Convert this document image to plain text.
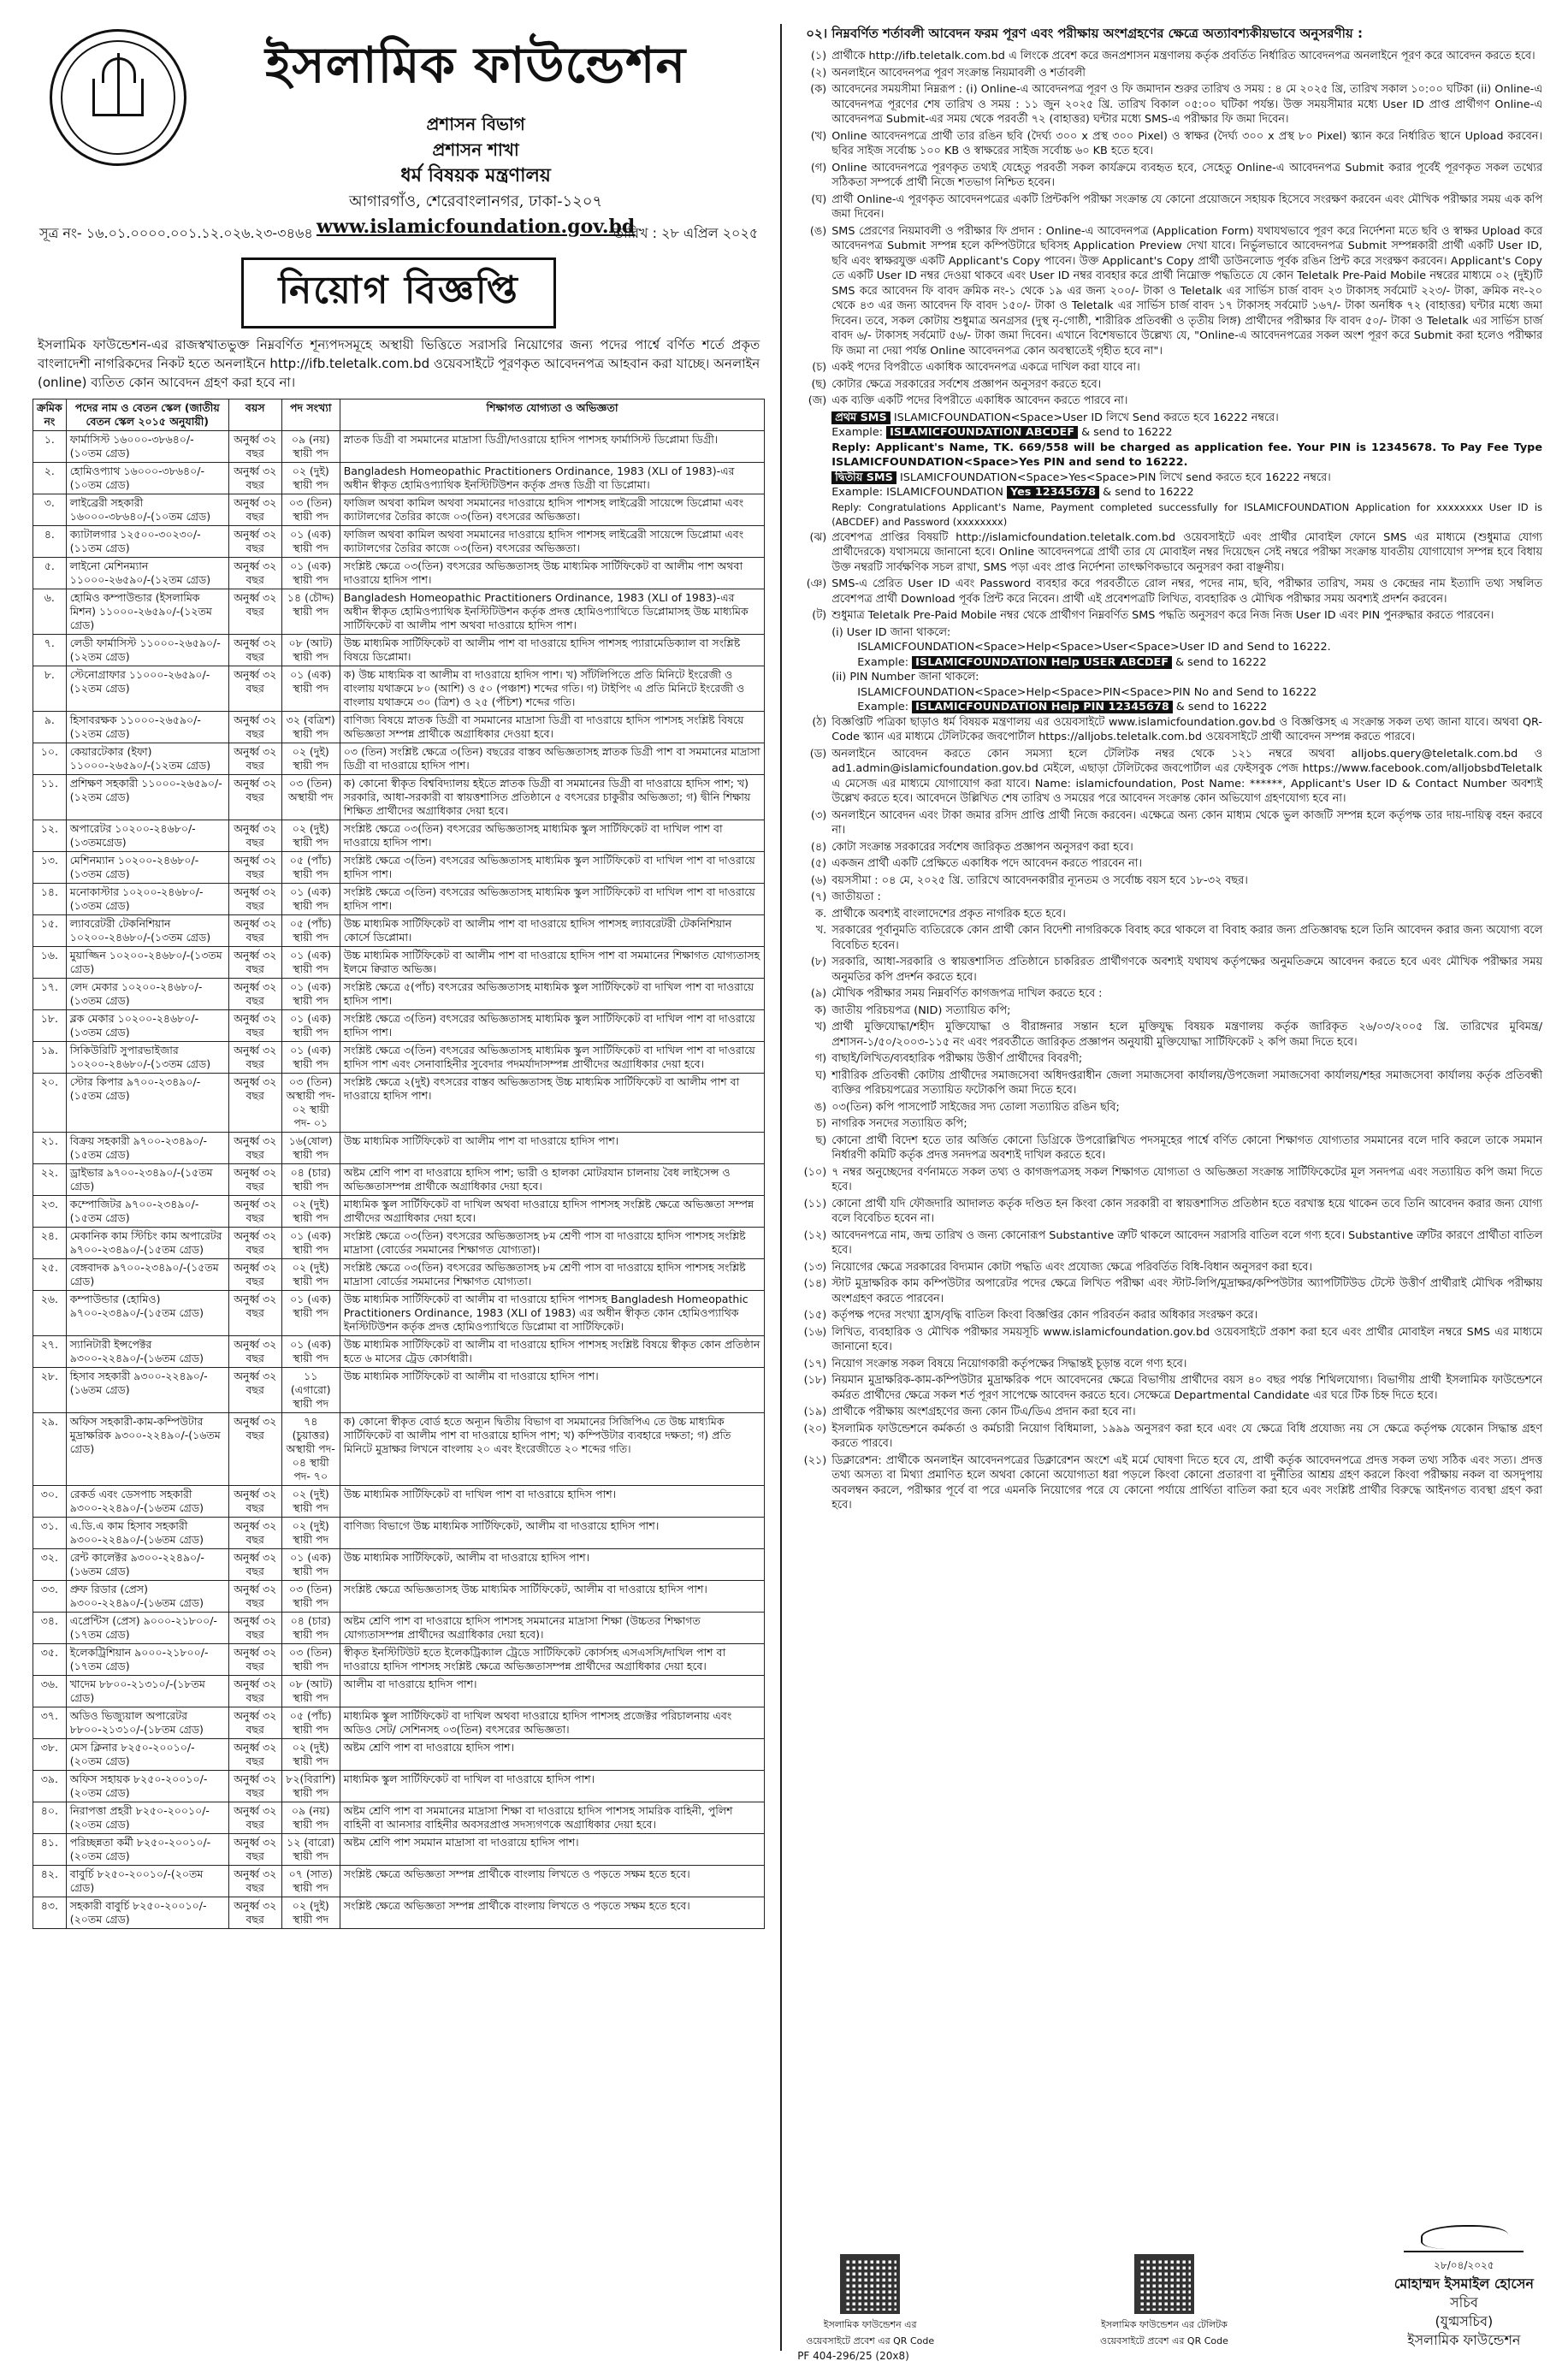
ইসলামিক ফাউন্ডেশন
প্রশাসন বিভাগ
প্রশাসন শাখা
ধর্ম বিষয়ক মন্ত্রণালয়
আগারগাঁও, শেরেবাংলানগর, ঢাকা-১২০৭
www.islamicfoundation.gov.bd
সূত্র নং- ১৬.০১.০০০০.০০১.১২.০২৬.২৩-৩৪৬৪	তারিখ : ২৮ এপ্রিল ২০২৫
নিয়োগ বিজ্ঞপ্তি

ইসলামিক ফাউন্ডেশন-এর রাজস্বখাতভুক্ত নিম্নবর্ণিত শূন্যপদসমূহে অস্থায়ী ভিত্তিতে সরাসরি নিয়োগের জন্য পদের পার্শ্বে বর্ণিত শর্তে প্রকৃত বাংলাদেশী নাগরিকদের নিকট হতে অনলাইনে http://ifb.teletalk.com.bd ওয়েবসাইটে পূরণকৃত আবেদনপত্র আহবান করা যাচ্ছে। অনলাইন (online) ব্যতিত কোন আবেদন গ্রহণ করা হবে না।

ক্রমিক নং	পদের নাম ও বেতন স্কেল (জাতীয় বেতন স্কেল ২০১৫ অনুযায়ী)	বয়স	পদ সংখ্যা	শিক্ষাগত যোগ্যতা ও অভিজ্ঞতা
১.	ফার্মাসিস্ট ১৬০০০-৩৮৬৪০/-(১০তম গ্রেড)	অনুর্ধ্ব ৩২ বছর	০৯ (নয়) স্থায়ী পদ	স্নাতক ডিগ্রী বা সমমানের মাদ্রাসা ডিগ্রী/দাওরায়ে হাদিস পাশসহ ফার্মাসিস্ট ডিপ্লোমা ডিগ্রী।
২.	হোমিওপ্যাথ ১৬০০০-৩৮৬৪০/-(১০তম গ্রেড)	অনুর্ধ্ব ৩২ বছর	০২ (দুই) স্থায়ী পদ	Bangladesh Homeopathic Practitioners Ordinance, 1983 (XLI of 1983)-এর অধীন স্বীকৃত হোমিওপ্যাথিক ইনস্টিটিউশন কর্তৃক প্রদত্ত ডিগ্রী বা ডিপ্লোমা।
৩.	লাইব্রেরী সহকারী ১৬০০০-৩৮৬৪০/-(১০তম গ্রেড)	অনুর্ধ্ব ৩২ বছর	০৩ (তিন) স্থায়ী পদ	ফাজিল অথবা কামিল অথবা সমমানের দাওরায়ে হাদিস পাশসহ লাইব্রেরী সায়েন্সে ডিপ্লোমা এবং ক্যাটালগের তৈরির কাজে ০৩(তিন) বৎসরের অভিজ্ঞতা।
৪.	ক্যাটালগার ১২৫০০-৩০২৩০/-(১১তম গ্রেড)	অনুর্ধ্ব ৩২ বছর	০১ (এক) স্থায়ী পদ	ফাজিল অথবা কামিল অথবা সমমানের দাওরায়ে হাদিস পাশসহ লাইব্রেরী সায়েন্সে ডিপ্লোমা এবং ক্যাটালগের তৈরির কাজে ০৩(তিন) বৎসরের অভিজ্ঞতা।
৫.	লাইনো মেশিনম্যান ১১০০০-২৬৫৯০/-(১২তম গ্রেড)	অনুর্ধ্ব ৩২ বছর	০১ (এক) স্থায়ী পদ	সংশ্লিষ্ট ক্ষেত্রে ০৩(তিন) বৎসরের অভিজ্ঞতাসহ উচ্চ মাধ্যমিক সার্টিফিকেট বা আলীম পাশ অথবা দাওরায়ে হাদিস পাশ।
৬.	হোমিও কম্পাউন্ডার (ইসলামিক মিশন) ১১০০০-২৬৫৯০/-(১২তম গ্রেড)	অনুর্ধ্ব ৩২ বছর	১৪ (চৌদ্দ) স্থায়ী পদ	Bangladesh Homeopathic Practitioners Ordinance, 1983 (XLI of 1983)-এর অধীন স্বীকৃত হোমিওপ্যাথিক ইনস্টিটিউশন কর্তৃক প্রদত্ত হোমিওপ্যাথিতে ডিপ্লোমাসহ উচ্চ মাধ্যমিক সার্টিফিকেট বা আলীম পাশ অথবা দাওরায়ে হাদিস পাশ।
৭.	লেডী ফার্মাসিস্ট ১১০০০-২৬৫৯০/-(১২তম গ্রেড)	অনুর্ধ্ব ৩২ বছর	০৮ (আট) স্থায়ী পদ	উচ্চ মাধ্যমিক সার্টিফিকেট বা আলীম পাশ বা দাওরায়ে হাদিস পাশসহ প্যারামেডিক্যাল বা সংশ্লিষ্ট বিষয়ে ডিপ্লোমা।
৮.	স্টেনোগ্রাফার ১১০০০-২৬৫৯০/-(১২তম গ্রেড)	অনুর্ধ্ব ৩২ বছর	০১ (এক) স্থায়ী পদ	ক) উচ্চ মাধ্যমিক বা আলীম বা দাওরায়ে হাদিস পাশ। খ) সাঁটলিপিতে প্রতি মিনিটে ইংরেজী ও বাংলায় যথাক্রমে ৮০ (আশি) ও ৫০ (পঞ্চাশ) শব্দের গতি। গ) টাইপিং এ প্রতি মিনিটে ইংরেজী ও বাংলায় যথাক্রমে ৩০ (ত্রিশ) ও ২৫ (পঁচিশ) শব্দের গতি।
৯.	হিসাবরক্ষক ১১০০০-২৬৫৯০/-(১২তম গ্রেড)	অনুর্ধ্ব ৩২ বছর	৩২ (বত্রিশ) স্থায়ী পদ	বাণিজ্য বিষয়ে স্নাতক ডিগ্রী বা সমমানের মাদ্রাসা ডিগ্রী বা দাওরায়ে হাদিস পাশসহ সংশ্লিষ্ট বিষয়ে অভিজ্ঞতা সম্পন্ন প্রার্থীকে অগ্রাধিকার দেওয়া হবে।
১০.	কেয়ারটেকার (ইফা) ১১০০০-২৬৫৯০/-(১২তম গ্রেড)	অনুর্ধ্ব ৩২ বছর	০২ (দুই) স্থায়ী পদ	০৩ (তিন) সংশ্লিষ্ট ক্ষেত্রে ৩(তিন) বছরের বাস্তব অভিজ্ঞতাসহ স্নাতক ডিগ্রী পাশ বা সমমানের মাদ্রাসা ডিগ্রী বা দাওরায়ে হাদিস পাশ।
১১.	প্রশিক্ষণ সহকারী ১১০০০-২৬৫৯০/-(১২তম গ্রেড)	অনুর্ধ্ব ৩২ বছর	০৩ (তিন) অস্থায়ী পদ	ক) কোনো স্বীকৃত বিশ্ববিদ্যালয় হইতে স্নাতক ডিগ্রী বা সমমানের ডিগ্রী বা দাওরায়ে হাদিস পাশ; খ) সরকারি, আধা-সরকারী বা স্বায়ত্তশাসিত প্রতিষ্ঠানে ৫ বৎসরের চাকুরীর অভিজ্ঞতা; গ) দ্বীনি শিক্ষায় শিক্ষিত প্রার্থীদের অগ্রাধিকার দেয়া হবে।
১২.	অপারেটর ১০২০০-২৪৬৮০/-(১৩তমগ্রেড)	অনুর্ধ্ব ৩২ বছর	০২ (দুই) স্থায়ী পদ	সংশ্লিষ্ট ক্ষেত্রে ০৩(তিন) বৎসরের অভিজ্ঞতাসহ মাধ্যমিক স্কুল সার্টিফিকেট বা দাখিল পাশ বা দাওরায়ে হাদিস পাশ।
১৩.	মেশিনম্যান ১০২০০-২৪৬৮০/-(১৩তম গ্রেড)	অনুর্ধ্ব ৩২ বছর	০৫ (পাঁচ) স্থায়ী পদ	সংশ্লিষ্ট ক্ষেত্রে ৩(তিন) বৎসরের অভিজ্ঞতাসহ মাধ্যমিক স্কুল সার্টিফিকেট বা দাখিল পাশ বা দাওরায়ে হাদিস পাশ।
১৪.	মনোকাস্টার ১০২০০-২৪৬৮০/-(১৩তম গ্রেড)	অনুর্ধ্ব ৩২ বছর	০১ (এক) স্থায়ী পদ	সংশ্লিষ্ট ক্ষেত্রে ৩(তিন) বৎসরের অভিজ্ঞতাসহ মাধ্যমিক স্কুল সার্টিফিকেট বা দাখিল পাশ বা দাওরায়ে হাদিস পাশ।
১৫.	ল্যাবরেটরী টেকনিশিয়ান ১০২০০-২৪৬৮০/-(১৩তম গ্রেড)	অনুর্ধ্ব ৩২ বছর	০৫ (পাঁচ) স্থায়ী পদ	উচ্চ মাধ্যমিক সার্টিফিকেট বা আলীম পাশ বা দাওরায়ে হাদিস পাশসহ ল্যাবরেটরী টেকনিশিয়ান কোর্সে ডিপ্লোমা।
১৬.	মুয়াজ্জিন ১০২০০-২৪৬৮০/-(১৩তম গ্রেড)	অনুর্ধ্ব ৩২ বছর	০১ (এক) স্থায়ী পদ	উচ্চ মাধ্যমিক সার্টিফিকেট বা আলীম পাশ বা দাওরায়ে হাদিস পাশ বা সমমানের শিক্ষাগত যোগ্যতাসহ ইলমে ক্বিরাত অভিজ্ঞ।
১৭.	লেদ মেকার ১০২০০-২৪৬৮০/-(১৩তম গ্রেড)	অনুর্ধ্ব ৩২ বছর	০১ (এক) স্থায়ী পদ	সংশ্লিষ্ট ক্ষেত্রে ৫(পাঁচ) বৎসরের অভিজ্ঞতাসহ মাধ্যমিক স্কুল সার্টিফিকেট বা দাখিল পাশ বা দাওরায়ে হাদিস পাশ।
১৮.	ব্লক মেকার ১০২০০-২৪৬৮০/-(১৩তম গ্রেড)	অনুর্ধ্ব ৩২ বছর	০১ (এক) স্থায়ী পদ	সংশ্লিষ্ট ক্ষেত্রে ৩(তিন) বৎসরের অভিজ্ঞতাসহ মাধ্যমিক স্কুল সার্টিফিকেট বা দাখিল পাশ বা দাওরায়ে হাদিস পাশ।
১৯.	সিকিউরিটি সুপারভাইজার ১০২০০-২৪৬৮০/-(১৩তম গ্রেড)	অনুর্ধ্ব ৩২ বছর	০১ (এক) স্থায়ী পদ	সংশ্লিষ্ট ক্ষেত্রে ৩(তিন) বৎসরের অভিজ্ঞতাসহ মাধ্যমিক স্কুল সার্টিফিকেট বা দাখিল পাশ বা দাওরায়ে হাদিস পাশ এবং সেনাবাহিনীর সুবেদার পদমর্যাদাসম্পন্ন প্রার্থীদের অগ্রাধিকার দেয়া হবে।
২০.	স্টোর কিপার ৯৭০০-২৩৪৯০/-(১৫তম গ্রেড)	অনুর্ধ্ব ৩২ বছর	০৩ (তিন) অস্থায়ী পদ- ০২ স্থায়ী পদ- ০১	সংশ্লিষ্ট ক্ষেত্রে ২(দুই) বৎসরের বাস্তব অভিজ্ঞতাসহ উচ্চ মাধ্যমিক সার্টিফিকেট বা আলীম পাশ বা দাওরায়ে হাদিস পাশ।
২১.	বিক্রয় সহকারী ৯৭০০-২৩৪৯০/-(১৫তম গ্রেড)	অনুর্ধ্ব ৩২ বছর	১৬(ষোল) স্থায়ী পদ	উচ্চ মাধ্যমিক সার্টিফিকেট বা আলীম পাশ বা দাওরায়ে হাদিস পাশ।
২২.	ড্রাইভার ৯৭০০-২৩৪৯০/-(১৫তম গ্রেড)	অনুর্ধ্ব ৩২ বছর	০৪ (চার) স্থায়ী পদ	অষ্টম শ্রেণি পাশ বা দাওরায়ে হাদিস পাশ; ভারী ও হালকা মোটরযান চালনায় বৈধ লাইসেন্স ও অভিজ্ঞতাসম্পন্ন প্রার্থীকে অগ্রাধিকার দেয়া হবে।
২৩.	কম্পোজিটর ৯৭০০-২৩৪৯০/-(১৫তম গ্রেড)	অনুর্ধ্ব ৩২ বছর	০২ (দুই) স্থায়ী পদ	মাধ্যমিক স্কুল সার্টিফিকেট বা দাখিল অথবা দাওরায়ে হাদিস পাশসহ সংশ্লিষ্ট ক্ষেত্রে অভিজ্ঞতা সম্পন্ন প্রার্থীদের অগ্রাধিকার দেয়া হবে।
২৪.	মেকানিক কাম স্টিচিং কাম অপারেটর ৯৭০০-২৩৪৯০/-(১৫তম গ্রেড)	অনুর্ধ্ব ৩২ বছর	০১ (এক) স্থায়ী পদ	সংশ্লিষ্ট ক্ষেত্রে ০৩(তিন) বৎসরের অভিজ্ঞতাসহ ৮ম শ্রেণী পাস বা দাওরায়ে হাদিস পাশসহ সংশ্লিষ্ট মাদ্রাসা (বোর্ডের সমমানের শিক্ষাগত যোগ্যতা)।
২৫.	বেঙ্গবাদক ৯৭০০-২৩৪৯০/-(১৫তম গ্রেড)	অনুর্ধ্ব ৩২ বছর	০২ (দুই) স্থায়ী পদ	সংশ্লিষ্ট ক্ষেত্রে ০৩(তিন) বৎসরের অভিজ্ঞতাসহ ৮ম শ্রেণী পাস বা দাওরায়ে হাদিস পাশসহ সংশ্লিষ্ট মাদ্রাসা বোর্ডের সমমানের শিক্ষাগত যোগ্যতা।
২৬.	কম্পাউন্ডার (হোমিও) ৯৭০০-২৩৪৯০/-(১৫তম গ্রেড)	অনুর্ধ্ব ৩২ বছর	০১ (এক) স্থায়ী পদ	উচ্চ মাধ্যমিক সার্টিফিকেট বা আলীম বা দাওরায়ে হাদিস পাশসহ Bangladesh Homeopathic Practitioners Ordinance, 1983 (XLI of 1983) এর অধীন স্বীকৃত কোন হোমিওপ্যাথিক ইনস্টিটিউশন কর্তৃক প্রদত্ত হোমিওপ্যাথিতে ডিপ্লোমা বা সার্টিফিকেট।
২৭.	স্যানিটারী ইন্সপেক্টর ৯৩০০-২২৪৯০/-(১৬তম গ্রেড)	অনুর্ধ্ব ৩২ বছর	০১ (এক) স্থায়ী পদ	উচ্চ মাধ্যমিক সার্টিফিকেট বা আলীম বা দাওরায়ে হাদিস পাশসহ সংশ্লিষ্ট বিষয়ে স্বীকৃত কোন প্রতিষ্ঠান হতে ৬ মাসের ট্রেড কোর্সধারী।
২৮.	হিসাব সহকারী ৯৩০০-২২৪৯০/-(১৬তম গ্রেড)	অনুর্ধ্ব ৩২ বছর	১১ (এগারো) স্থায়ী পদ	উচ্চ মাধ্যমিক সার্টিফিকেট বা আলীম বা দাওরায়ে হাদিস পাশ।
২৯.	অফিস সহকারী-কাম-কম্পিউটার মুদ্রাক্ষরিক ৯৩০০-২২৪৯০/-(১৬তম গ্রেড)	অনুর্ধ্ব ৩২ বছর	৭৪ (চুয়াত্তর) অস্থায়ী পদ- ০৪ স্থায়ী পদ- ৭০	ক) কোনো স্বীকৃত বোর্ড হতে অন্যূন দ্বিতীয় বিভাগ বা সমমানের সিজিপিএ তে উচ্চ মাধ্যমিক সার্টিফিকেট বা আলীম পাশ বা দাওরায়ে হাদিস পাশ; খ) কম্পিউটার ব্যবহারে দক্ষতা; গ) প্রতি মিনিটে মুদ্রাক্ষর লিখনে বাংলায় ২০ এবং ইংরেজীতে ২০ শব্দের গতি।
৩০.	রেকর্ড এবং ডেসপাচ সহকারী ৯৩০০-২২৪৯০/-(১৬তম গ্রেড)	অনুর্ধ্ব ৩২ বছর	০২ (দুই) স্থায়ী পদ	উচ্চ মাধ্যমিক সার্টিফিকেট বা দাখিল পাশ বা দাওরায়ে হাদিস পাশ।
৩১.	এ.ডি.এ কাম হিসাব সহকারী ৯৩০০-২২৪৯০/-(১৬তম গ্রেড)	অনুর্ধ্ব ৩২ বছর	০২ (দুই) স্থায়ী পদ	বাণিজ্য বিভাগে উচ্চ মাধ্যমিক সার্টিফিকেট, আলীম বা দাওরায়ে হাদিস পাশ।
৩২.	রেন্ট কালেক্টর ৯৩০০-২২৪৯০/-(১৬তম গ্রেড)	অনুর্ধ্ব ৩২ বছর	০১ (এক) স্থায়ী পদ	উচ্চ মাধ্যমিক সার্টিফিকেট, আলীম বা দাওরায়ে হাদিস পাশ।
৩৩.	প্রুফ রিডার (প্রেস) ৯৩০০-২২৪৯০/-(১৬তম গ্রেড)	অনুর্ধ্ব ৩২ বছর	০৩ (তিন) স্থায়ী পদ	সংশ্লিষ্ট ক্ষেত্রে অভিজ্ঞতাসহ উচ্চ মাধ্যমিক সার্টিফিকেট, আলীম বা দাওরায়ে হাদিস পাশ।
৩৪.	এপ্রেন্টিস (প্রেস) ৯০০০-২১৮০০/-(১৭তম গ্রেড)	অনুর্ধ্ব ৩২ বছর	০৪ (চার) স্থায়ী পদ	অষ্টম শ্রেণি পাশ বা দাওরায়ে হাদিস পাশসহ সমমানের মাদ্রাসা শিক্ষা (উচ্চতর শিক্ষাগত যোগ্যতাসম্পন্ন প্রার্থীদের অগ্রাধিকার দেয়া হবে)।
৩৫.	ইলেকট্রিশিয়ান ৯০০০-২১৮০০/-(১৭তম গ্রেড)	অনুর্ধ্ব ৩২ বছর	০৩ (তিন) স্থায়ী পদ	স্বীকৃত ইনস্টিটিউট হতে ইলেকট্রিক্যাল ট্রেডে সার্টিফিকেট কোর্সসহ এসএসসি/দাখিল পাশ বা দাওরায়ে হাদিস পাশসহ সংশ্লিষ্ট ক্ষেত্রে অভিজ্ঞতাসম্পন্ন প্রার্থীদের অগ্রাধিকার দেয়া হবে।
৩৬.	খাদেম ৮৮০০-২১৩১০/-(১৮তম গ্রেড)	অনুর্ধ্ব ৩২ বছর	০৮ (আট) স্থায়ী পদ	আলীম বা দাওরায়ে হাদিস পাশ।
৩৭.	অডিও ভিজ্যুয়াল অপারেটর ৮৮০০-২১৩১০/-(১৮তম গ্রেড)	অনুর্ধ্ব ৩২ বছর	০৫ (পাঁচ) স্থায়ী পদ	মাধ্যমিক স্কুল সার্টিফিকেট বা দাখিল অথবা দাওরায়ে হাদিস পাশসহ প্রজেক্টর পরিচালনায় এবং অডিও সেট/ সেশিনসহ ০৩(তিন) বৎসরের অভিজ্ঞতা।
৩৮.	মেস ক্লিনার ৮২৫০-২০০১০/-(২০তম গ্রেড)	অনুর্ধ্ব ৩২ বছর	০২ (দুই) স্থায়ী পদ	অষ্টম শ্রেণি পাশ বা দাওরায়ে হাদিস পাশ।
৩৯.	অফিস সহায়ক ৮২৫০-২০০১০/-(২০তম গ্রেড)	অনুর্ধ্ব ৩২ বছর	৮২(বিরাশি) স্থায়ী পদ	মাধ্যমিক স্কুল সার্টিফিকেট বা দাখিল বা দাওরায়ে হাদিস পাশ।
৪০.	নিরাপত্তা প্রহরী ৮২৫০-২০০১০/-(২০তম গ্রেড)	অনুর্ধ্ব ৩২ বছর	০৯ (নয়) স্থায়ী পদ	অষ্টম শ্রেণি পাশ বা সমমানের মাদ্রাসা শিক্ষা বা দাওরায়ে হাদিস পাশসহ সামরিক বাহিনী, পুলিশ বাহিনী বা আনসার বাহিনীর অবসরপ্রাপ্ত সদস্যগণকে অগ্রাধিকার দেয়া হবে।
৪১.	পরিচ্ছন্নতা কর্মী ৮২৫০-২০০১০/-(২০তম গ্রেড)	অনুর্ধ্ব ৩২ বছর	১২ (বারো) স্থায়ী পদ	অষ্টম শ্রেণি পাশ সমমান মাদ্রাসা বা দাওরায়ে হাদিস পাশ।
৪২.	বাবুর্চি ৮২৫০-২০০১০/-(২০তম গ্রেড)	অনুর্ধ্ব ৩২ বছর	০৭ (সাত) স্থায়ী পদ	সংশ্লিষ্ট ক্ষেত্রে অভিজ্ঞতা সম্পন্ন প্রার্থীকে বাংলায় লিখতে ও পড়তে সক্ষম হতে হবে।
৪৩.	সহকারী বাবুর্চি ৮২৫০-২০০১০/-(২০তম গ্রেড)	অনুর্ধ্ব ৩২ বছর	০২ (দুই) স্থায়ী পদ	সংশ্লিষ্ট ক্ষেত্রে অভিজ্ঞতা সম্পন্ন প্রার্থীকে বাংলায় লিখতে ও পড়তে সক্ষম হতে হবে।
০২। নিম্নবর্ণিত শর্তাবলী আবেদন ফরম পূরণ এবং পরীক্ষায় অংশগ্রহণের ক্ষেত্রে অত্যাবশ্যকীয়ভাবে অনুসরণীয় :
(১) প্রার্থীকে http://ifb.teletalk.com.bd এ লিংকে প্রবেশ করে জনপ্রশাসন মন্ত্রণালয় কর্তৃক প্রবর্তিত নির্ধারিত আবেদনপত্র অনলাইনে পূরণ করে আবেদন করতে হবে।
(২) অনলাইনে আবেদনপত্র পূরণ সংক্রান্ত নিয়মাবলী ও শর্তাবলী
(ক) আবেদনের সময়সীমা নিম্নরূপ : (i) Online-এ আবেদনপত্র পূরণ ও ফি জমাদান শুরুর তারিখ ও সময় : ৪ মে ২০২৫ খ্রি, তারিখ সকাল ১০:০০ ঘটিকা (ii) Online-এ আবেদনপত্র পূরণের শেষ তারিখ ও সময় : ১১ জুন ২০২৫ খ্রি. তারিখ বিকাল ০৫:০০ ঘটিকা পর্যন্ত। উক্ত সময়সীমার মধ্যে User ID প্রাপ্ত প্রার্থীগণ Online-এ আবেদনপত্র Submit-এর সময় থেকে পরবর্তী ৭২ (বাহাত্তর) ঘন্টার মধ্যে SMS-এ পরীক্ষার ফি জমা দিবেন।
(খ) Online আবেদনপত্রে প্রার্থী তার রঙিন ছবি (দৈর্ঘ্য ৩০০ x প্রস্থ ৩০০ Pixel) ও স্বাক্ষর (দৈর্ঘ্য ৩০০ x প্রস্থ ৮০ Pixel) স্ক্যান করে নির্ধারিত স্থানে Upload করবেন। ছবির সাইজ সর্বোচ্চ ১০০ KB ও স্বাক্ষরের সাইজ সর্বোচ্চ ৬০ KB হতে হবে।
(গ) Online আবেদনপত্রে পূরণকৃত তথ্যই যেহেতু পরবর্তী সকল কার্যক্রমে ব্যবহৃত হবে, সেহেতু Online-এ আবেদনপত্র Submit করার পূর্বেই পূরণকৃত সকল তথ্যের সঠিকতা সম্পর্কে প্রার্থী নিজে শতভাগ নিশ্চিত হবেন।
(ঘ) প্রার্থী Online-এ পূরণকৃত আবেদনপত্রের একটি প্রিন্টকপি পরীক্ষা সংক্রান্ত যে কোনো প্রয়োজনে সহায়ক হিসেবে সংরক্ষণ করবেন এবং মৌখিক পরীক্ষার সময় এক কপি জমা দিবেন।
(ঙ) SMS প্রেরণের নিয়মাবলী ও পরীক্ষার ফি প্রদান : Online-এ আবেদনপত্র (Application Form) যথাযথভাবে পূরণ করে নির্দেশনা মতে ছবি ও স্বাক্ষর Upload করে আবেদনপত্র Submit সম্পন্ন হলে কম্পিউটারে ছবিসহ Application Preview দেখা যাবে। নির্ভুলভাবে আবেদনপত্র Submit সম্পন্নকারী প্রার্থী একটি User ID, ছবি এবং স্বাক্ষরযুক্ত একটি Applicant's Copy পাবেন। উক্ত Applicant's Copy প্রার্থী ডাউনলোড পূর্বক রঙিন প্রিন্ট করে সংরক্ষণ করবেন। Applicant's Copy তে একটি User ID নম্বর দেওয়া থাকবে এবং User ID নম্বর ব্যবহার করে প্রার্থী নিম্নোক্ত পদ্ধতিতে যে কোন Teletalk Pre-Paid Mobile নম্বরের মাধ্যমে ০২ (দুই)টি SMS করে আবেদন ফি বাবদ ক্রমিক নং-১ থেকে ১৯ এর জন্য ২০০/- টাকা ও Teletalk এর সার্ভিস চার্জ বাবদ ২৩ টাকাসহ সর্বমোট ২২৩/- টাকা, ক্রমিক নং-২০ থেকে ৪৩ এর জন্য আবেদন ফি বাবদ ১৫০/- টাকা ও Teletalk এর সার্ভিস চার্জ বাবদ ১৭ টাকাসহ সর্বমোট ১৬৭/- টাকা অনধিক ৭২ (বাহাত্তর) ঘন্টার মধ্যে জমা দিবেন। তবে, সকল কোটায় শুধুমাত্র অনগ্রসর (দুস্থ নৃ-গোষ্ঠী, শারীরিক প্রতিবন্ধী ও তৃতীয় লিঙ্গ) প্রার্থীদের পরীক্ষার ফি বাবদ ৫০/- টাকা ও Teletalk এর সার্ভিস চার্জ বাবদ ৬/- টাকাসহ সর্বমোট ৫৬/- টাকা জমা দিবেন। এখানে বিশেষভাবে উল্লেখ্য যে, "Online-এ আবেদনপত্রের সকল অংশ পূরণ করে Submit করা হলেও পরীক্ষার ফি জমা না দেয়া পর্যন্ত Online আবেদনপত্র কোন অবস্থাতেই গৃহীত হবে না"।
(চ) একই পদের বিপরীতে একাধিক আবেদনপত্র একত্রে দাখিল করা যাবে না।
(ছ) কোটার ক্ষেত্রে সরকারের সর্বশেষ প্রজ্ঞাপন অনুসরণ করতে হবে।
(জ) এক ব্যক্তি একটি পদের বিপরীতে একাধিক আবেদন করতে পারবে না।
প্রথম SMS ISLAMICFOUNDATION<Space>User ID লিখে Send করতে হবে 16222 নম্বরে।
Example: ISLAMICFOUNDATION ABCDEF & send to 16222
Reply: Applicant's Name, TK. 669/558 will be charged as application fee. Your PIN is 12345678. To Pay Fee Type ISLAMICFOUNDATION<Space>Yes PIN and send to 16222.
দ্বিতীয় SMS ISLAMICFOUNDATION<Space>Yes<Space>PIN লিখে send করতে হবে 16222 নম্বরে।
Example: ISLAMICFOUNDATION Yes 12345678 & send to 16222
Reply: Congratulations Applicant's Name, Payment completed successfully for ISLAMICFOUNDATION Application for xxxxxxxx User ID is (ABCDEF) and Password (xxxxxxxx)
(ঝ) প্রবেশপত্র প্রাপ্তির বিষয়টি http://islamicfoundation.teletalk.com.bd ওয়েবসাইটে এবং প্রার্থীর মোবাইল ফোনে SMS এর মাধ্যমে (শুধুমাত্র যোগ্য প্রার্থীদেরকে) যথাসময়ে জানানো হবে। Online আবেদনপত্রে প্রার্থী তার যে মোবাইল নম্বর দিয়েছেন সেই নম্বরে পরীক্ষা সংক্রান্ত যাবতীয় যোগাযোগ সম্পন্ন হবে বিধায় উক্ত নম্বরটি সার্বক্ষণিক সচল রাখা, SMS পড়া এবং প্রাপ্ত নির্দেশনা তাৎক্ষণিকভাবে অনুসরণ করা বাঞ্ছনীয়।
(ঞ) SMS-এ প্রেরিত User ID এবং Password ব্যবহার করে পরবর্তীতে রোল নম্বর, পদের নাম, ছবি, পরীক্ষার তারিখ, সময় ও কেন্দ্রের নাম ইত্যাদি তথ্য সম্বলিত প্রবেশপত্র প্রার্থী Download পূর্বক প্রিন্ট করে নিবেন। প্রার্থী এই প্রবেশপত্রটি লিখিত, ব্যবহারিক ও মৌখিক পরীক্ষার সময় অবশ্যই প্রদর্শন করবেন।
(ট) শুধুমাত্র Teletalk Pre-Paid Mobile নম্বর থেকে প্রার্থীগণ নিম্নবর্ণিত SMS পদ্ধতি অনুসরণ করে নিজ নিজ User ID এবং PIN পুনরুদ্ধার করতে পারবেন।
(i) User ID জানা থাকলে:
ISLAMICFOUNDATION<Space>Help<Space>User<Space>User ID and Send to 16222.
Example: ISLAMICFOUNDATION Help USER ABCDEF & send to 16222
(ii) PIN Number জানা থাকলে:
ISLAMICFOUNDATION<Space>Help<Space>PIN<Space>PIN No and Send to 16222
Example: ISLAMICFOUNDATION Help PIN 12345678 & send to 16222
(ঠ) বিজ্ঞপ্তিটি পত্রিকা ছাড়াও ধর্ম বিষয়ক মন্ত্রণালয় এর ওয়েবসাইটে www.islamicfoundation.gov.bd ও বিজ্ঞপ্তিসহ এ সংক্রান্ত সকল তথ্য জানা যাবে। অথবা QR-Code স্ক্যান এর মাধ্যমে টেলিটকের জবপোর্টাল https://alljobs.teletalk.com.bd ওয়েবসাইটে প্রার্থী আবেদন সম্পন্ন করতে পারবে।
(ড) অনলাইনে আবেদন করতে কোন সমস্যা হলে টেলিটক নম্বর থেকে ১২১ নম্বরে অথবা alljobs.query@teletalk.com.bd ও ad1.admin@islamicfoundation.gov.bd মেইলে, এছাড়া টেলিটকের জবপোর্টাল এর ফেইসবুক পেজ https://www.facebook.com/alljobsbdTeletalk এ মেসেজ এর মাধ্যমে যোগাযোগ করা যাবে। Name: islamicfoundation, Post Name: ******, Applicant's User ID & Contact Number অবশ্যই উল্লেখ করতে হবে। আবেদনে উল্লিখিত শেষ তারিখ ও সময়ের পরে আবেদন সংক্রান্ত কোন অভিযোগ গ্রহণযোগ্য হবে না।
(৩) অনলাইনে আবেদন এবং টাকা জমার রসিদ প্রাপ্তি প্রার্থী নিজে করবেন। এক্ষেত্রে অন্য কোন মাধ্যম থেকে ভুল কাজটি সম্পন্ন হলে কর্তৃপক্ষ তার দায়-দায়িত্ব বহন করবে না।
(৪) কোটা সংক্রান্ত সরকারের সর্বশেষ জারিকৃত প্রজ্ঞাপন অনুসরণ করা হবে।
(৫) একজন প্রার্থী একটি প্রেক্ষিতে একাধিক পদে আবেদন করতে পারবেন না।
(৬) বয়সসীমা : ০৪ মে, ২০২৫ খ্রি. তারিখে আবেদনকারীর ন্যূনতম ও সর্বোচ্চ বয়স হবে ১৮-৩২ বছর।
(৭) জাতীয়তা :
ক. প্রার্থীকে অবশ্যই বাংলাদেশের প্রকৃত নাগরিক হতে হবে।
খ. সরকারের পূর্বানুমতি ব্যতিরেকে কোন প্রার্থী কোন বিদেশী নাগরিককে বিবাহ করে থাকলে বা বিবাহ করার জন্য প্রতিজ্ঞাবদ্ধ হলে তিনি আবেদন করার জন্য অযোগ্য বলে বিবেচিত হবেন।
(৮) সরকারি, আধা-সরকারি ও স্বায়ত্তশাসিত প্রতিষ্ঠানে চাকরিরত প্রার্থীগণকে অবশ্যই যথাযথ কর্তৃপক্ষের অনুমতিক্রমে আবেদন করতে হবে এবং মৌখিক পরীক্ষার সময় অনুমতির কপি প্রদর্শন করতে হবে।
(৯) মৌখিক পরীক্ষার সময় নিম্নবর্ণিত কাগজপত্র দাখিল করতে হবে :
ক) জাতীয় পরিচয়পত্র (NID) সত্যায়িত কপি;
খ) প্রার্থী মুক্তিযোদ্ধা/শহীদ মুক্তিযোদ্ধা ও বীরাঙ্গনার সন্তান হলে মুক্তিযুদ্ধ বিষয়ক মন্ত্রণালয় কর্তৃক জারিকৃত ২৬/০৩/২০০৫ খ্রি. তারিখের মুবিমন্ত্র/প্রশাসন-১/৫০/২০০৩-১১৫ নং এবং পরবর্তীতে জারিকৃত প্রজ্ঞাপন অনুযায়ী মুক্তিযোদ্ধা সার্টিফিকেট ২ কপি জমা দিতে হবে।
গ) বাছাই/লিখিত/ব্যবহারিক পরীক্ষায় উত্তীর্ণ প্রার্থীদের বিবরণী;
ঘ) শারীরিক প্রতিবন্ধী কোটায় প্রার্থীদের সমাজসেবা অধিদপ্তরাধীন জেলা সমাজসেবা কার্যালয়/উপজেলা সমাজসেবা কার্যালয়/শহর সমাজসেবা কার্যালয় কর্তৃক প্রতিবন্ধী ব্যক্তির পরিচয়পত্রের সত্যায়িত ফটোকপি জমা দিতে হবে।
ঙ) ০৩(তিন) কপি পাসপোর্ট সাইজের সদ্য তোলা সত্যায়িত রঙিন ছবি;
চ) নাগরিক সনদের সত্যায়িত কপি;
ছ) কোনো প্রার্থী বিদেশ হতে তার অর্জিত কোনো ডিগ্রিকে উপরোল্লিখিত পদসমূহের পার্শ্বে বর্ণিত কোনো শিক্ষাগত যোগ্যতার সমমানের বলে দাবি করলে তাকে সমমান নির্ধারণী কমিটি কর্তৃক প্রদত্ত সনদপত্র অবশ্যই দাখিল করতে হবে।
(১০) ৭ নম্বর অনুচ্ছেদের বর্ণনামতে সকল তথ্য ও কাগজপত্রসহ সকল শিক্ষাগত যোগ্যতা ও অভিজ্ঞতা সংক্রান্ত সার্টিফিকেটের মূল সনদপত্র এবং সত্যায়িত কপি জমা দিতে হবে।
(১১) কোনো প্রার্থী যদি ফৌজদারি আদালত কর্তৃক দণ্ডিত হন কিংবা কোন সরকারী বা স্বায়ত্তশাসিত প্রতিষ্ঠান হতে বরখাস্ত হয়ে থাকেন তবে তিনি আবেদন করার জন্য যোগ্য বলে বিবেচিত হবেন না।
(১২) আবেদনপত্রে নাম, জন্ম তারিখ ও জন্য কোনোরূপ Substantive ত্রুটি থাকলে আবেদন সরাসরি বাতিল বলে গণ্য হবে। Substantive ত্রুটির কারণে প্রার্থীতা বাতিল হবে।
(১৩) নিয়োগের ক্ষেত্রে সরকারের বিদ্যমান কোটা পদ্ধতি এবং প্রযোজ্য ক্ষেত্রে পরিবর্তিত বিধি-বিধান অনুসরণ করা হবে।
(১৪) স্টাট মুদ্রাক্ষরিক কাম কম্পিউটার অপারেটর পদের ক্ষেত্রে লিখিত পরীক্ষা এবং স্টাট-লিপি/মুদ্রাক্ষর/কম্পিউটার অ্যাপটিটিউড টেস্টে উত্তীর্ণ প্রার্থীরাই মৌখিক পরীক্ষায় অংশগ্রহণ করতে পারবেন।
(১৫) কর্তৃপক্ষ পদের সংখ্যা হ্রাস/বৃদ্ধি বাতিল কিংবা বিজ্ঞপ্তির কোন পরিবর্তন করার অধিকার সংরক্ষণ করে।
(১৬) লিখিত, ব্যবহারিক ও মৌখিক পরীক্ষার সময়সূচি www.islamicfoundation.gov.bd ওয়েবসাইটে প্রকাশ করা হবে এবং প্রার্থীর মোবাইল নম্বরে SMS এর মাধ্যমে জানানো হবে।
(১৭) নিয়োগ সংক্রান্ত সকল বিষয়ে নিয়োগকারী কর্তৃপক্ষের সিদ্ধান্তই চূড়ান্ত বলে গণ্য হবে।
(১৮) নিয়মান মুদ্রাক্ষরিক-কাম-কম্পিউটার মুদ্রাক্ষরিক পদে আবেদনের ক্ষেত্রে বিভাগীয় প্রার্থীদের বয়স ৪০ বছর পর্যন্ত শিথিলযোগ্য। বিভাগীয় প্রার্থী ইসলামিক ফাউন্ডেশনে কর্মরত প্রার্থীদের ক্ষেত্রে সকল শর্ত পূরণ সাপেক্ষে আবেদন করতে হবে। সেক্ষেত্রে Departmental Candidate এর ঘরে টিক চিহ্ন দিতে হবে।
(১৯) প্রার্থীকে পরীক্ষায় অংশগ্রহণের জন্য কোন টিএ/ডিএ প্রদান করা হবে না।
(২০) ইসলামিক ফাউন্ডেশনে কর্মকর্তা ও কর্মচারী নিয়োগ বিধিমালা, ১৯৯৯ অনুসরণ করা হবে এবং যে ক্ষেত্রে বিধি প্রযোজ্য নয় সে ক্ষেত্রে কর্তৃপক্ষ যেকোন সিদ্ধান্ত গ্রহণ করতে পারবে।
(২১) ডিক্লারেশন: প্রার্থীকে অনলাইন আবেদনপত্রের ডিক্লারেশন অংশে এই মর্মে ঘোষণা দিতে হবে যে, প্রার্থী কর্তৃক আবেদনপত্রে প্রদত্ত সকল তথ্য সঠিক এবং সত্য। প্রদত্ত তথ্য অসত্য বা মিথ্যা প্রমাণিত হলে অথবা কোনো অযোগ্যতা ধরা পড়লে কিংবা কোনো প্রতারণা বা দুর্নীতির আশ্রয় গ্রহণ করলে কিংবা পরীক্ষায় নকল বা অসদুপায় অবলম্বন করলে, পরীক্ষার পূর্বে বা পরে এমনকি নিয়োগের পরে যে কোনো পর্যায়ে প্রার্থিতা বাতিল করা হবে এবং সংশ্লিষ্ট প্রার্থীর বিরুদ্ধে আইনগত ব্যবস্থা গ্রহণ করা হবে।
ইসলামিক ফাউন্ডেশন এর ওয়েবসাইটে প্রবেশ এর QR Code
ইসলামিক ফাউন্ডেশন এর টেলিটক ওয়েবসাইটে প্রবেশ এর QR Code
২৮/০৪/২০২৫
মোহাম্মদ ইসমাইল হোসেন
সচিব
(যুগ্মসচিব)
ইসলামিক ফাউন্ডেশন
PF 404-296/25 (20x8)
